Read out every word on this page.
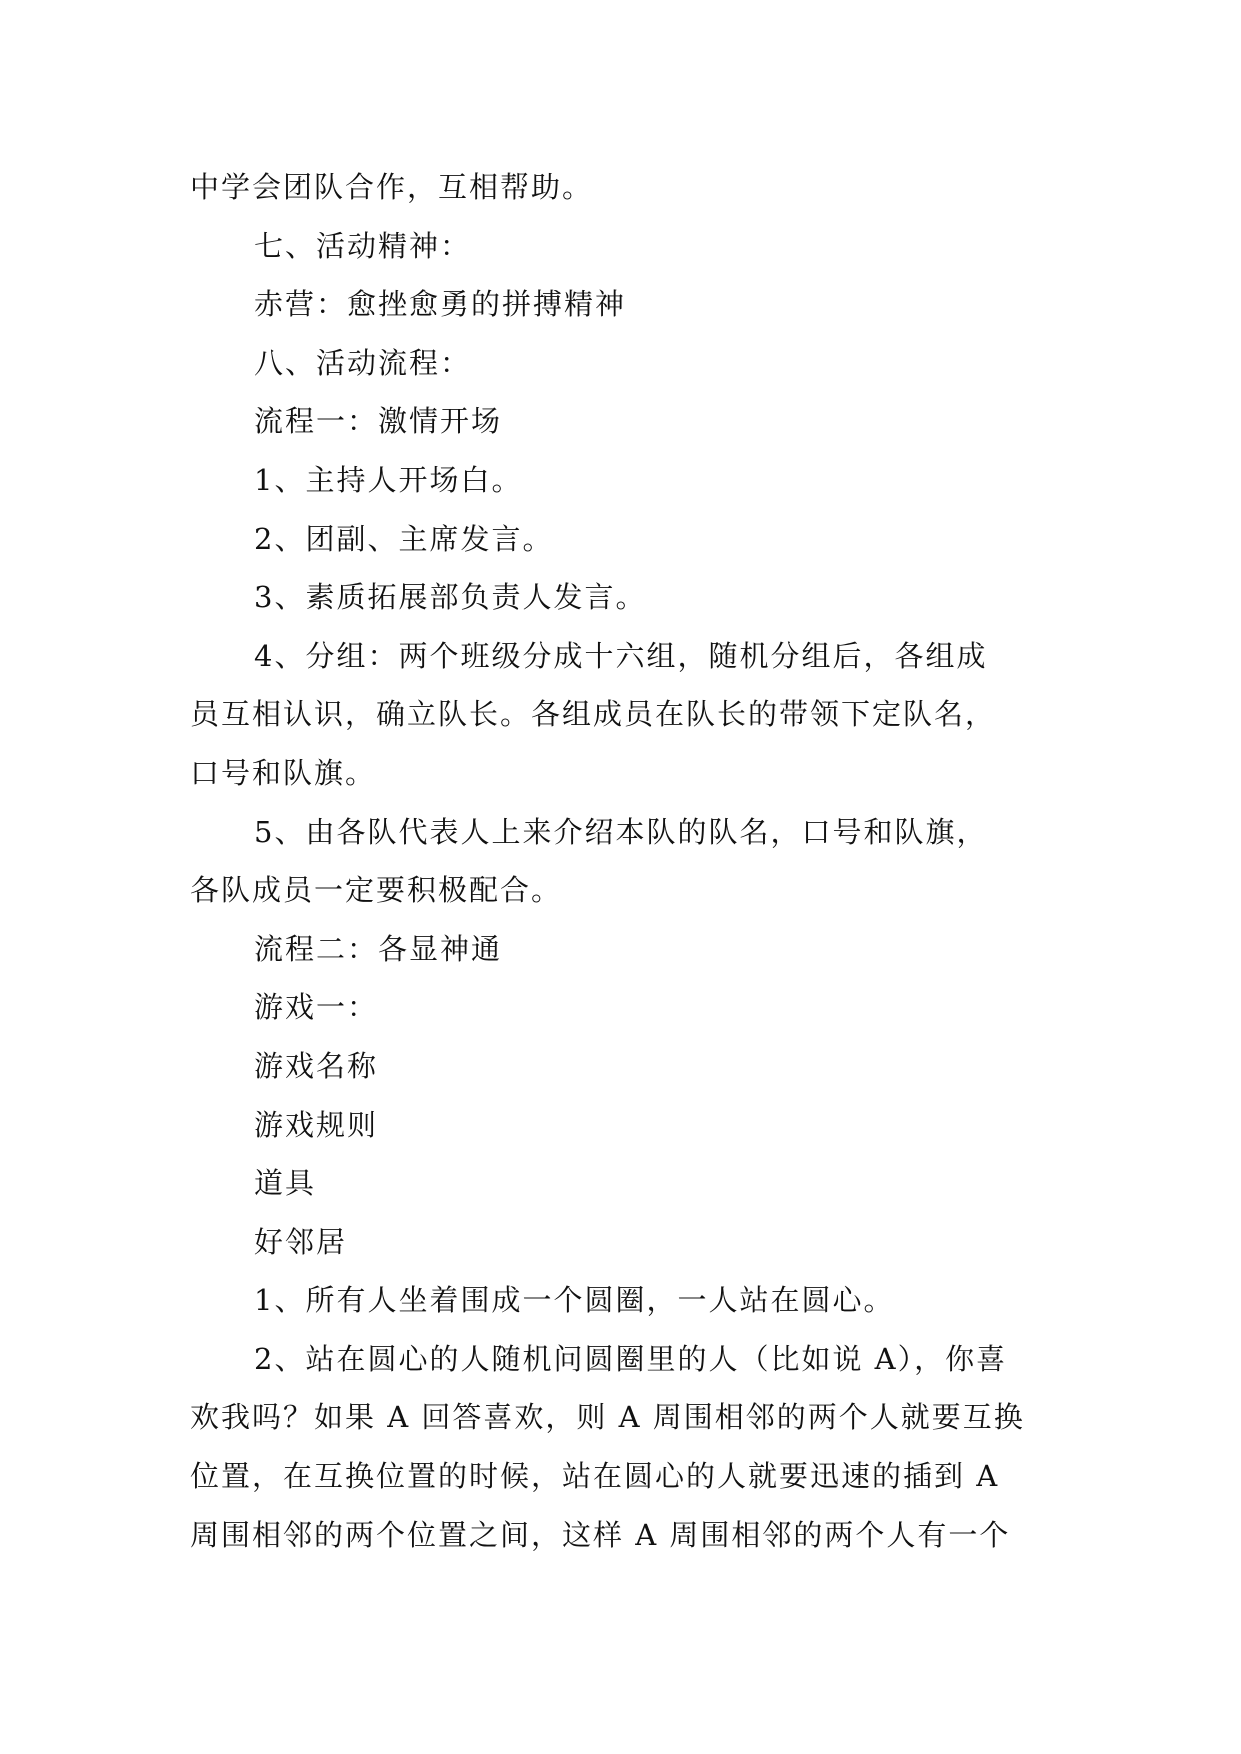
中学会团队合作，互相帮助。
七、活动精神：
赤营：愈挫愈勇的拼搏精神
八、活动流程：
流程一：激情开场
1、主持人开场白。
2、团副、主席发言。
3、素质拓展部负责人发言。
4、分组：两个班级分成十六组，随机分组后，各组成
员互相认识，确立队长。各组成员在队长的带领下定队名，
口号和队旗。
5、由各队代表人上来介绍本队的队名，口号和队旗，
各队成员一定要积极配合。
流程二：各显神通
游戏一：
游戏名称
游戏规则
道具
好邻居
1、所有人坐着围成一个圆圈，一人站在圆心。
2、站在圆心的人随机问圆圈里的人（比如说 A），你喜
欢我吗？如果 A 回答喜欢，则 A 周围相邻的两个人就要互换
位置，在互换位置的时候，站在圆心的人就要迅速的插到 A
周围相邻的两个位置之间，这样 A 周围相邻的两个人有一个
